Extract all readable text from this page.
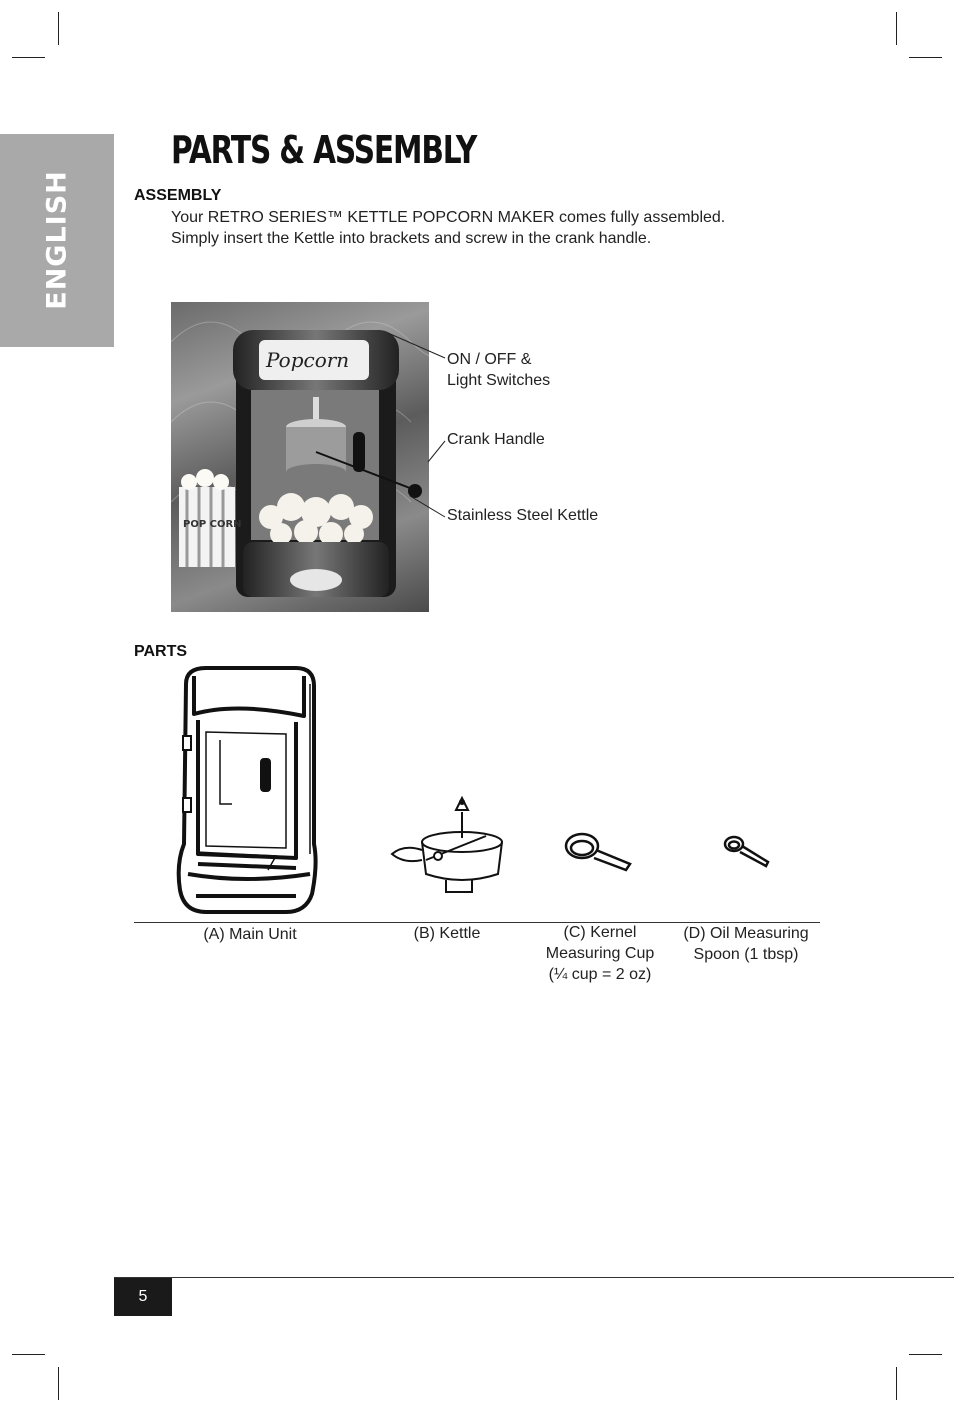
ENGLISH
PARTS & ASSEMBLY
ASSEMBLY
Your RETRO SERIES™ KETTLE POPCORN MAKER comes fully assembled.
Simply insert the Kettle into brackets and screw in the crank handle.
Popcorn
POP CORN
ON / OFF &
Light Switches
Crank Handle
Stainless Steel Kettle
PARTS
(A) Main Unit	(B) Kettle	(C) Kernel
Measuring Cup
(¼ cup = 2 oz)
(D) Oil Measuring
Spoon (1 tbsp)
5
